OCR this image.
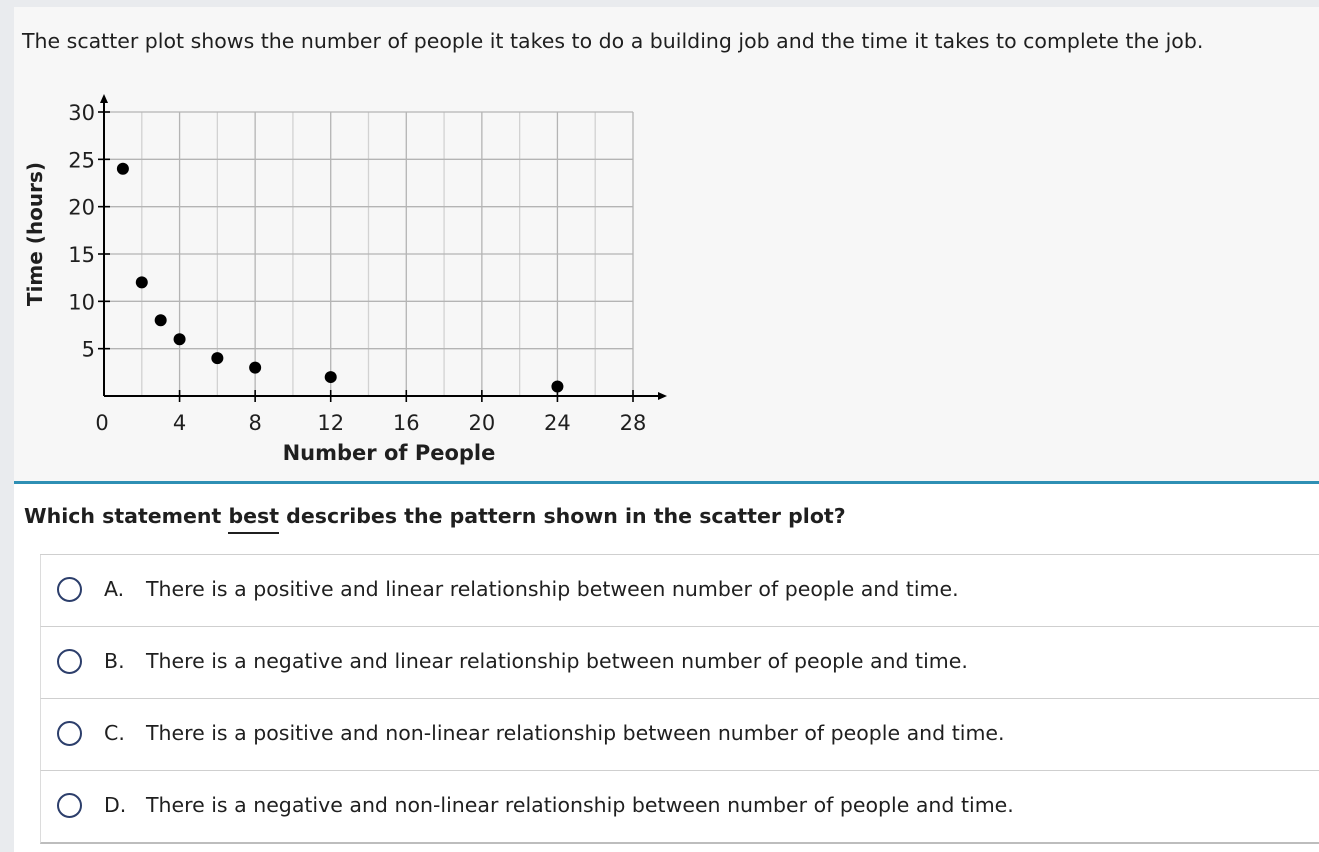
The scatter plot shows the number of people it takes to do a building job and the time it takes to complete the job.
0	4	8	12 16 20 24 28
5
10
15
20
25
30
Time (hours)
Number of People
Which statement best describes the pattern shown in the scatter plot?
A. There is a positive and linear relationship between number of people and time.
B. There is a negative and linear relationship between number of people and time.
C. There is a positive and non-linear relationship between number of people and time.
D. There is a negative and non-linear relationship between number of people and time.
